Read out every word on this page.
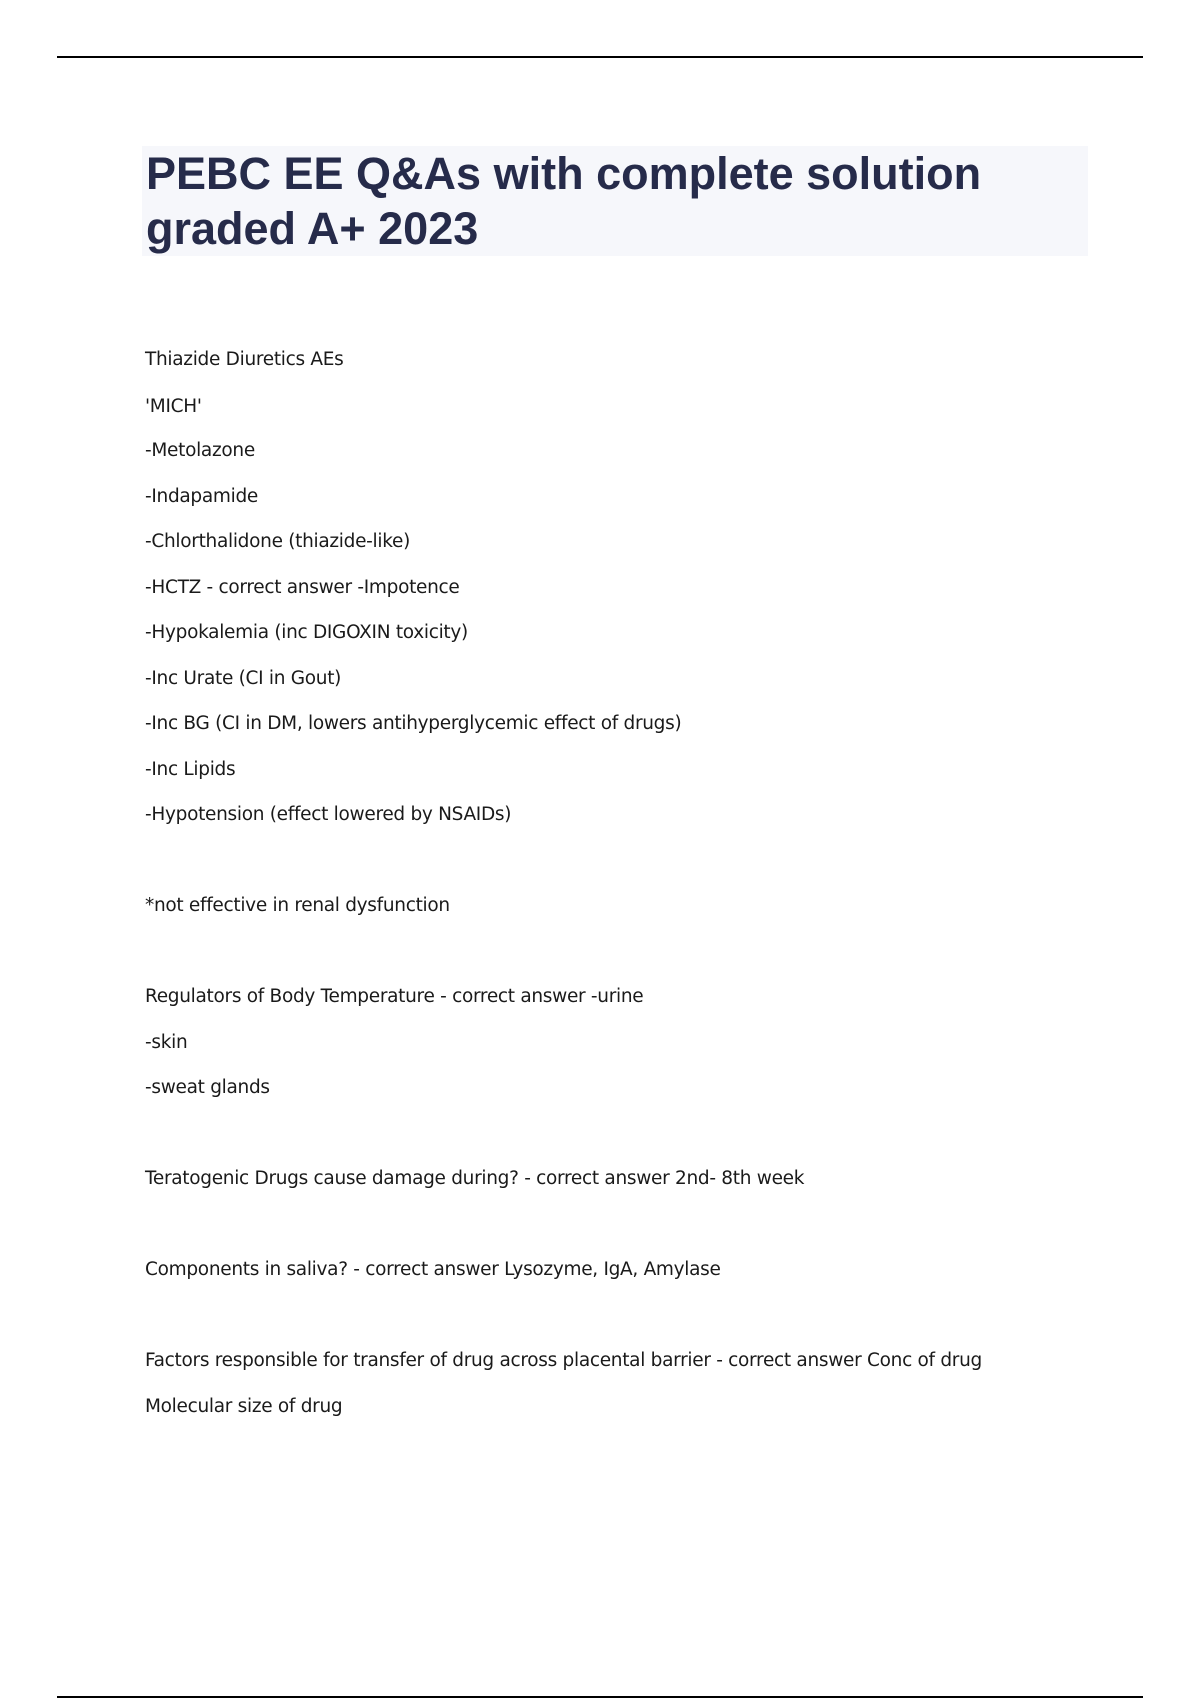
PEBC EE Q&As with complete solution
graded A+ 2023
Thiazide Diuretics AEs
'MICH'
-Metolazone
-Indapamide
-Chlorthalidone (thiazide-like)
-HCTZ - correct answer -Impotence
-Hypokalemia (inc DIGOXIN toxicity)
-Inc Urate (CI in Gout)
-Inc BG (CI in DM, lowers antihyperglycemic effect of drugs)
-Inc Lipids
-Hypotension (effect lowered by NSAIDs)
*not effective in renal dysfunction
Regulators of Body Temperature - correct answer -urine
-skin
-sweat glands
Teratogenic Drugs cause damage during? - correct answer 2nd- 8th week
Components in saliva? - correct answer Lysozyme, IgA, Amylase
Factors responsible for transfer of drug across placental barrier - correct answer Conc of drug
Molecular size of drug
